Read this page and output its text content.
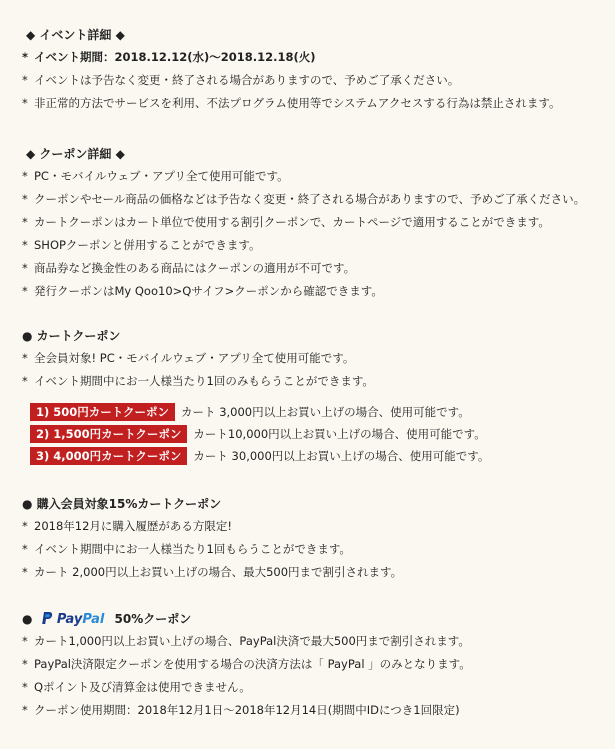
◆ イベント詳細 ◆
* イベント期間：2018.12.12(水)〜2018.12.18(火)
* イベントは予告なく変更・終了される場合がありますので、予めご了承ください。
* 非正常的方法でサービスを利用、不法プログラム使用等でシステムアクセスする行為は禁止されます。
◆ クーポン詳細 ◆
* PC・モバイルウェブ・アプリ全て使用可能です。
* クーポンやセール商品の価格などは予告なく変更・終了される場合がありますので、予めご了承ください。
* カートクーポンはカート単位で使用する割引クーポンで、カートページで適用することができます。
* SHOPクーポンと併用することができます。
* 商品券など換金性のある商品にはクーポンの適用が不可です。
* 発行クーポンはMy Qoo10>Qサイフ>クーポンから確認できます。
● カートクーポン
* 全会員対象! PC・モバイルウェブ・アプリ全て使用可能です。
* イベント期間中にお一人様当たり1回のみもらうことができます。
1) 500円カートクーポン カート 3,000円以上お買い上げの場合、使用可能です。
2) 1,500円カートクーポン カート10,000円以上お買い上げの場合、使用可能です。
3) 4,000円カートクーポン カート 30,000円以上お買い上げの場合、使用可能です。
● 購入会員対象15%カートクーポン
* 2018年12月に購入履歴がある方限定!
* イベント期間中にお一人様当たり1回もらうことができます。
* カート 2,000円以上お買い上げの場合、最大500円まで割引されます。
● PayPal 50%クーポン
* カート1,000円以上お買い上げの場合、PayPal決済で最大500円まで割引されます。
* PayPal決済限定クーポンを使用する場合の決済方法は「 PayPal 」のみとなります。
* Qポイント及び清算金は使用できません。
* クーポン使用期間：2018年12月1日〜2018年12月14日(期間中IDにつき1回限定)
